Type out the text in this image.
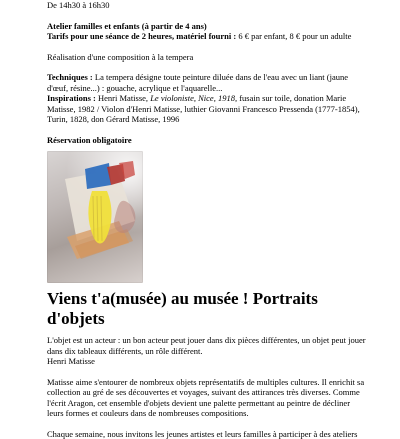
De 14h30 à 16h30
Atelier familles et enfants (à partir de 4 ans)
Tarifs pour une séance de 2 heures, matériel fourni : 6 € par enfant, 8 € pour un adulte
Réalisation d'une composition à la tempera
Techniques : La tempera désigne toute peinture diluée dans de l'eau avec un liant (jaune d'œuf, résine...) : gouache, acrylique et l'aquarelle...
Inspirations : Henri Matisse, Le violoniste, Nice, 1918, fusain sur toile, donation Marie Matisse, 1982 / Violon d'Henri Matisse, luthier Giovanni Francesco Pressenda (1777-1854), Turin, 1828, don Gérard Matisse, 1996
Réservation obligatoire
Viens t'a(musée) au musée ! Portraits d'objets
L'objet est un acteur : un bon acteur peut jouer dans dix pièces différentes, un objet peut jouer dans dix tableaux différents, un rôle différent.
Henri Matisse
Matisse aime s'entourer de nombreux objets représentatifs de multiples cultures. Il enrichit sa collection au gré de ses découvertes et voyages, suivant des attirances très diverses. Comme l'écrit Aragon, cet ensemble d'objets devient une palette permettant au peintre de décliner leurs formes et couleurs dans de nombreuses compositions.
Chaque semaine, nous invitons les jeunes artistes et leurs familles à participer à des ateliers
